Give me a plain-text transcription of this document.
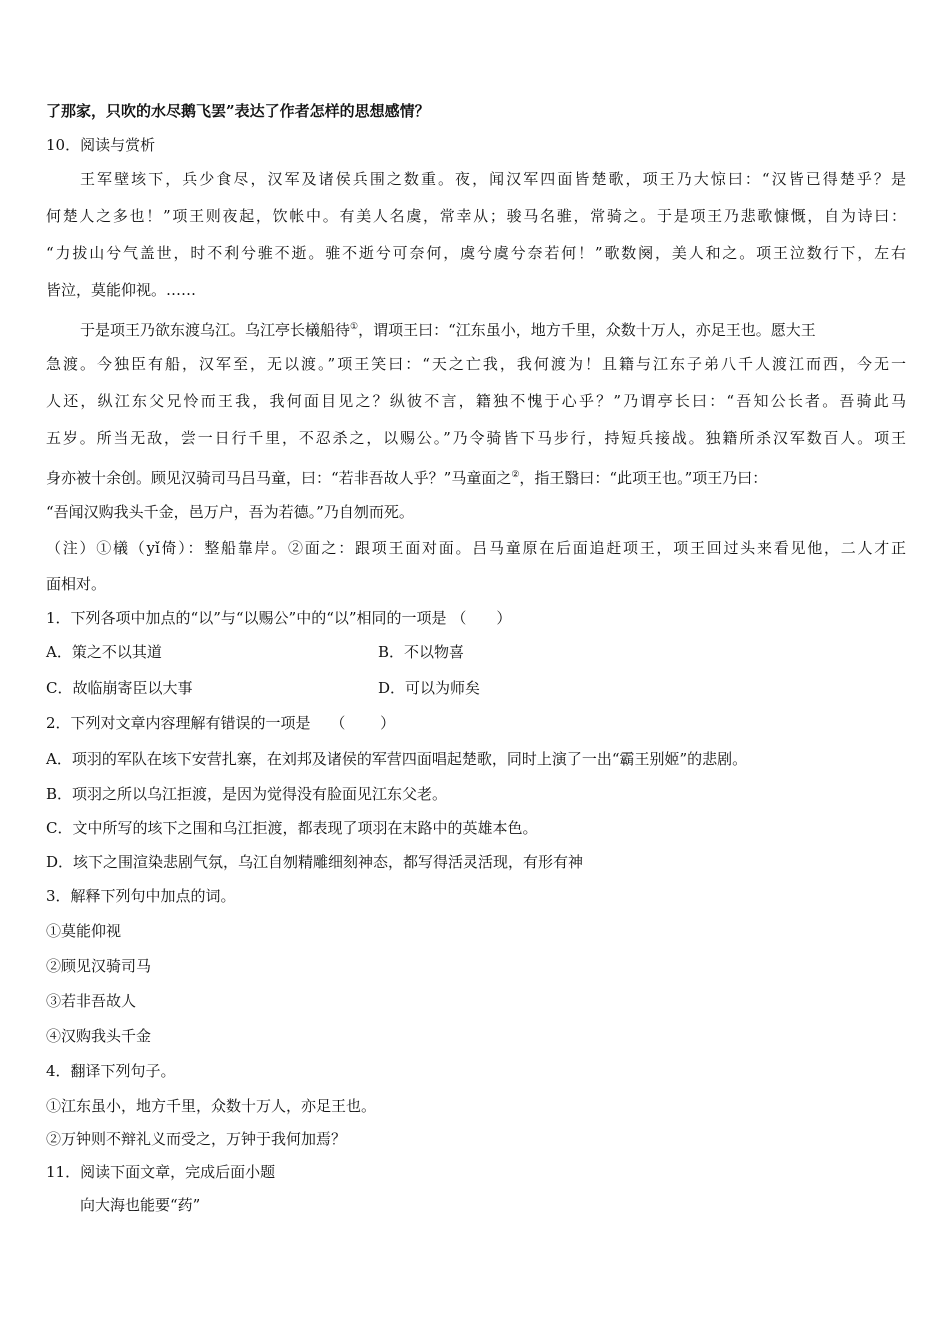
了那家，只吹的水尽鹅飞罢”表达了作者怎样的思想感情？
10．阅读与赏析
王军壁垓下，兵少食尽，汉军及诸侯兵围之数重。夜，闻汉军四面皆楚歌，项王乃大惊曰：“汉皆已得楚乎？是
何楚人之多也！”项王则夜起，饮帐中。有美人名虞，常幸从；骏马名骓，常骑之。于是项王乃悲歌慷慨，自为诗曰：
“力拔山兮气盖世，时不利兮骓不逝。骓不逝兮可奈何，虞兮虞兮奈若何！”歌数阕，美人和之。项王泣数行下，左右
皆泣，莫能仰视。……
于是项王乃欲东渡乌江。乌江亭长檥船待①，谓项王曰：“江东虽小，地方千里，众数十万人，亦足王也。愿大王
急渡。今独臣有船，汉军至，无以渡。”项王笑曰：“天之亡我，我何渡为！且籍与江东子弟八千人渡江而西，今无一
人还，纵江东父兄怜而王我，我何面目见之？纵彼不言，籍独不愧于心乎？”乃谓亭长曰：“吾知公长者。吾骑此马
五岁。所当无敌，尝一日行千里，不忍杀之，以赐公。”乃令骑皆下马步行，持短兵接战。独籍所杀汉军数百人。项王
身亦被十余创。顾见汉骑司马吕马童，曰：“若非吾故人乎？”马童面之②，指王翳曰：“此项王也。”项王乃曰：
“吾闻汉购我头千金，邑万户，吾为若德。”乃自刎而死。
（注）①檥（yǐ倚）：整船靠岸。②面之：跟项王面对面。吕马童原在后面追赶项王，项王回过头来看见他，二人才正
面相对。
1．下列各项中加点的“以”与“以赐公”中的“以”相同的一项是 （　　）
A．策之不以其道	B．不以物喜
C．故临崩寄臣以大事	D．可以为师矣
2．下列对文章内容理解有错误的一项是　 （　　 ）
A．项羽的军队在垓下安营扎寨，在刘邦及诸侯的军营四面唱起楚歌，同时上演了一出“霸王别姬”的悲剧。
B．项羽之所以乌江拒渡，是因为觉得没有脸面见江东父老。
C．文中所写的垓下之围和乌江拒渡，都表现了项羽在末路中的英雄本色。
D．垓下之围渲染悲剧气氛，乌江自刎精雕细刻神态，都写得活灵活现，有形有神
3．解释下列句中加点的词。
①莫能仰视
②顾见汉骑司马
③若非吾故人
④汉购我头千金
4．翻译下列句子。
①江东虽小，地方千里，众数十万人，亦足王也。
②万钟则不辩礼义而受之，万钟于我何加焉？
11．阅读下面文章，完成后面小题
向大海也能要“药”
